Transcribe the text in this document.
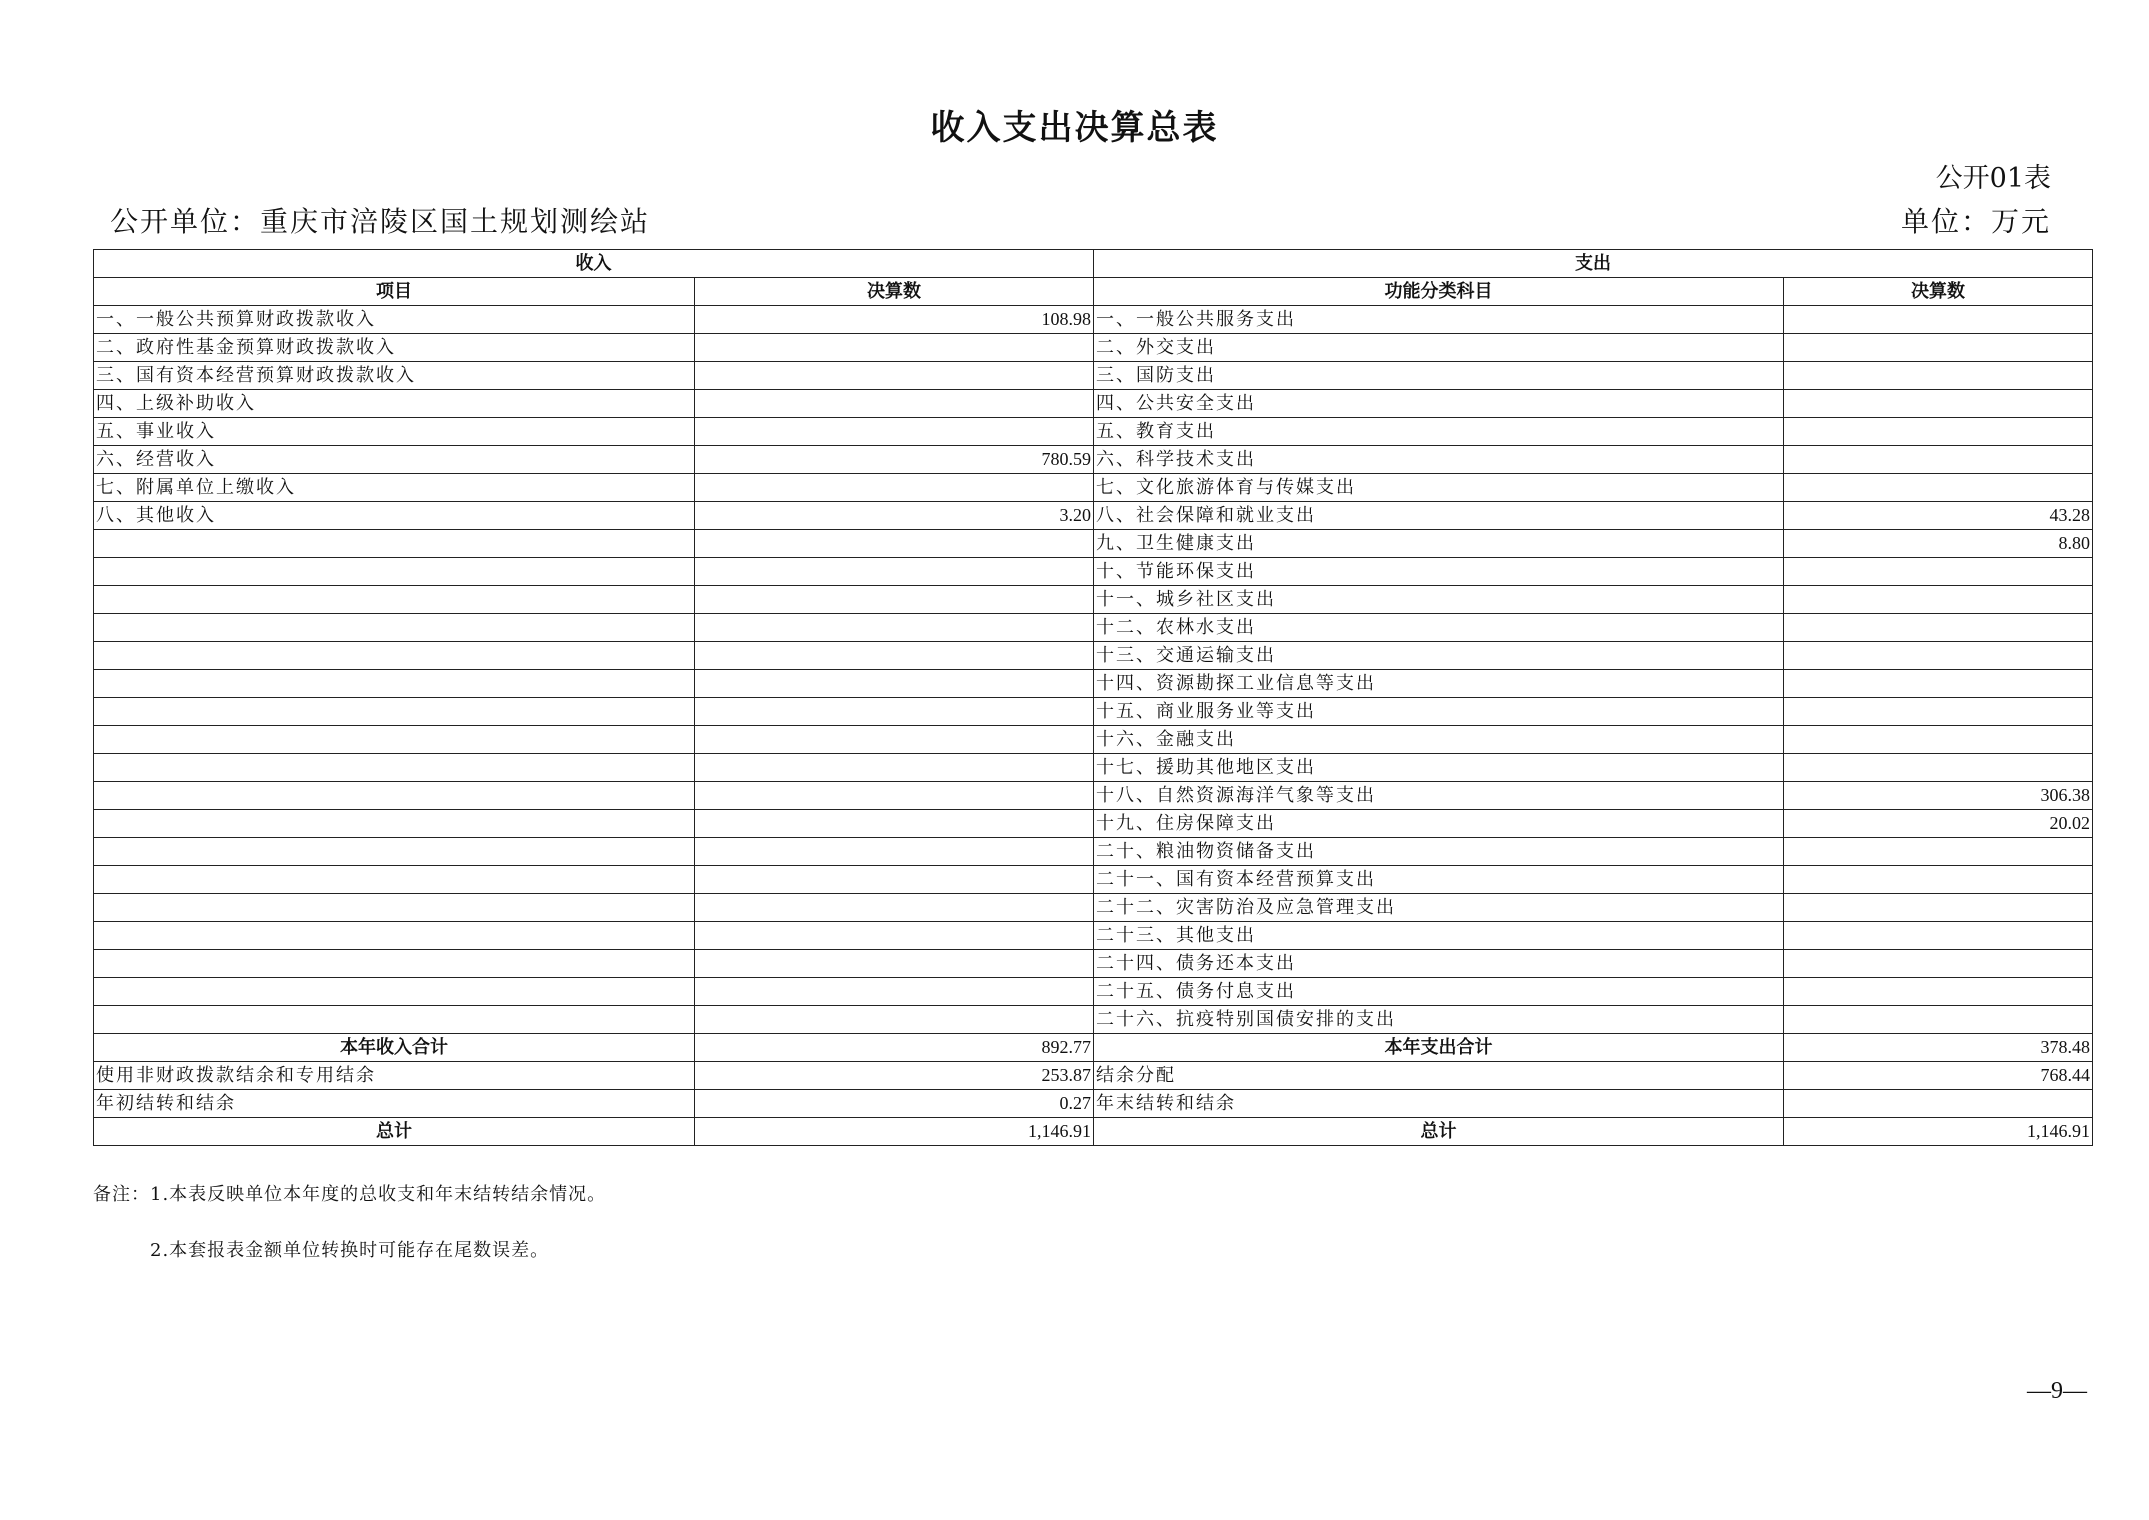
收入支出决算总表
公开01表
公开单位：重庆市涪陵区国土规划测绘站	单位：万元
收入		支出	
项目	决算数	功能分类科目	决算数
一、一般公共预算财政拨款收入	108.98	一、一般公共服务支出	
二、政府性基金预算财政拨款收入		二、外交支出	
三、国有资本经营预算财政拨款收入		三、国防支出	
四、上级补助收入		四、公共安全支出	
五、事业收入		五、教育支出	
六、经营收入	780.59	六、科学技术支出	
七、附属单位上缴收入		七、文化旅游体育与传媒支出	
八、其他收入	3.20	八、社会保障和就业支出	43.28
		九、卫生健康支出	8.80
		十、节能环保支出	
		十一、城乡社区支出	
		十二、农林水支出	
		十三、交通运输支出	
		十四、资源勘探工业信息等支出	
		十五、商业服务业等支出	
		十六、金融支出	
		十七、援助其他地区支出	
		十八、自然资源海洋气象等支出	306.38
		十九、住房保障支出	20.02
		二十、粮油物资储备支出	
		二十一、国有资本经营预算支出	
		二十二、灾害防治及应急管理支出	
		二十三、其他支出	
		二十四、债务还本支出	
		二十五、债务付息支出	
		二十六、抗疫特别国债安排的支出	
本年收入合计	892.77	本年支出合计	378.48
使用非财政拨款结余和专用结余	253.87	结余分配	768.44
年初结转和结余	0.27	年末结转和结余	
总计	1,146.91	总计	1,146.91
备注：1.本表反映单位本年度的总收支和年末结转结余情况。
2.本套报表金额单位转换时可能存在尾数误差。
—9—
